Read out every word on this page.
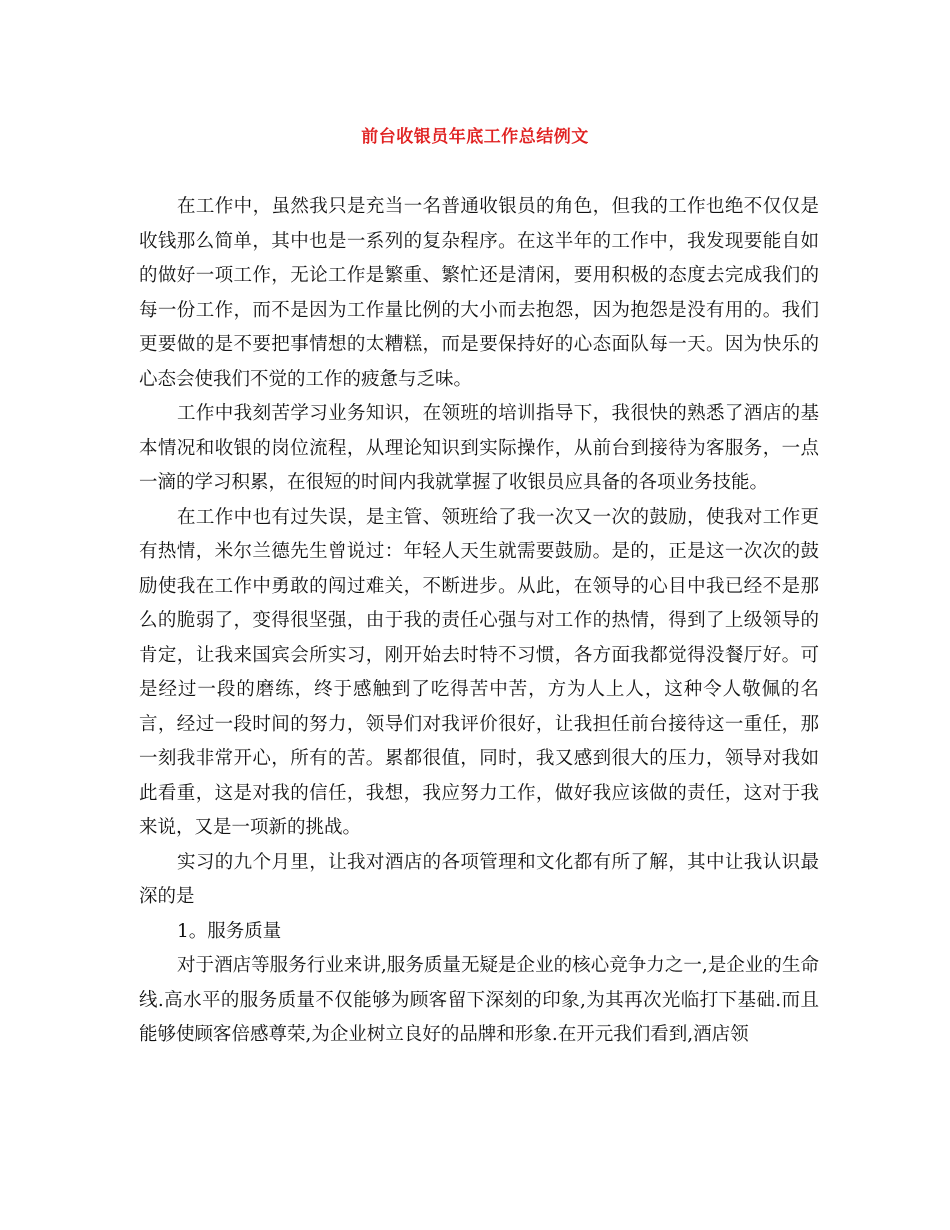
前台收银员年底工作总结例文

在工作中，虽然我只是充当一名普通收银员的角色，但我的工作也绝不仅仅是收钱那么简单，其中也是一系列的复杂程序。在这半年的工作中，我发现要能自如的做好一项工作，无论工作是繁重、繁忙还是清闲，要用积极的态度去完成我们的每一份工作，而不是因为工作量比例的大小而去抱怨，因为抱怨是没有用的。我们更要做的是不要把事情想的太糟糕，而是要保持好的心态面队每一天。因为快乐的心态会使我们不觉的工作的疲惫与乏味。

工作中我刻苦学习业务知识，在领班的培训指导下，我很快的熟悉了酒店的基本情况和收银的岗位流程，从理论知识到实际操作，从前台到接待为客服务，一点一滴的学习积累，在很短的时间内我就掌握了收银员应具备的各项业务技能。

在工作中也有过失误，是主管、领班给了我一次又一次的鼓励，使我对工作更有热情，米尔兰德先生曾说过：年轻人天生就需要鼓励。是的，正是这一次次的鼓励使我在工作中勇敢的闯过难关，不断进步。从此，在领导的心目中我已经不是那么的脆弱了，变得很坚强，由于我的责任心强与对工作的热情，得到了上级领导的肯定，让我来国宾会所实习，刚开始去时特不习惯，各方面我都觉得没餐厅好。可是经过一段的磨练，终于感触到了吃得苦中苦，方为人上人，这种令人敬佩的名言，经过一段时间的努力，领导们对我评价很好，让我担任前台接待这一重任，那一刻我非常开心，所有的苦。累都很值，同时，我又感到很大的压力，领导对我如此看重，这是对我的信任，我想，我应努力工作，做好我应该做的责任，这对于我来说，又是一项新的挑战。

实习的九个月里，让我对酒店的各项管理和文化都有所了解，其中让我认识最深的是

1。服务质量

对于酒店等服务行业来讲,服务质量无疑是企业的核心竞争力之一,是企业的生命线.高水平的服务质量不仅能够为顾客留下深刻的印象,为其再次光临打下基础.而且能够使顾客倍感尊荣,为企业树立良好的品牌和形象.在开元我们看到,酒店领
